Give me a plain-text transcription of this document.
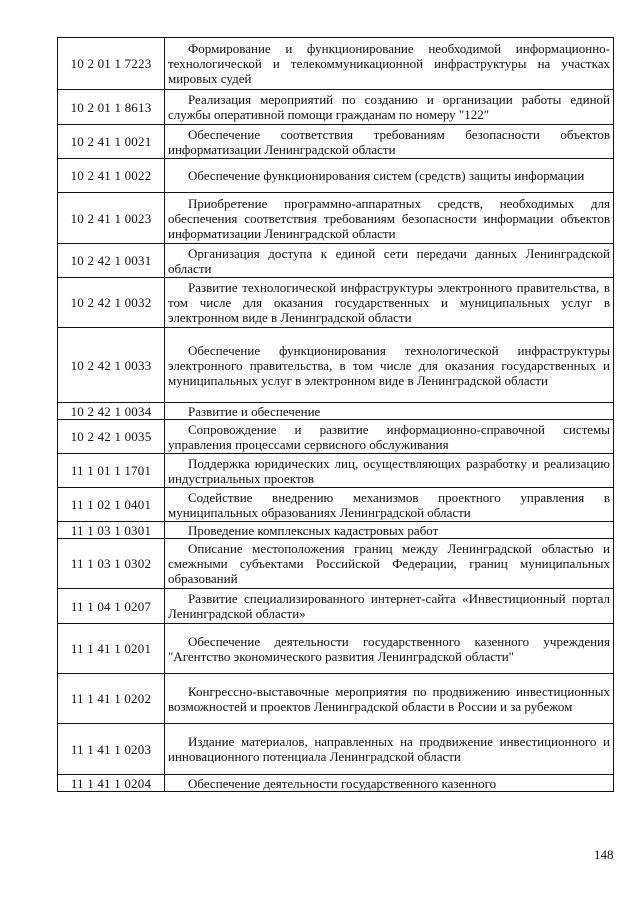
10 2 01 1 7223	Формирование и функционирование необходимой информационно-технологической и телекоммуникационной инфраструктуры на участках мировых судей
10 2 01 1 8613	Реализация мероприятий по созданию и организации работы единой службы оперативной помощи гражданам по номеру "122"
10 2 41 1 0021	Обеспечение соответствия требованиям безопасности объектов информатизации Ленинградской области
10 2 41 1 0022	Обеспечение функционирования систем (средств) защиты информации
10 2 41 1 0023	Приобретение программно-аппаратных средств, необходимых для обеспечения соответствия требованиям безопасности информации объектов информатизации Ленинградской области
10 2 42 1 0031	Организация доступа к единой сети передачи данных Ленинградской области
10 2 42 1 0032	Развитие технологической инфраструктуры электронного правительства, в том числе для оказания государственных и муниципальных услуг в электронном виде в Ленинградской области
10 2 42 1 0033	Обеспечение функционирования технологической инфраструктуры электронного правительства, в том числе для оказания государственных и муниципальных услуг в электронном виде в Ленинградской области
10 2 42 1 0034	Развитие и обеспечение
10 2 42 1 0035	Сопровождение и развитие информационно-справочной системы управления процессами сервисного обслуживания
11 1 01 1 1701	Поддержка юридических лиц, осуществляющих разработку и реализацию индустриальных проектов
11 1 02 1 0401	Содействие внедрению механизмов проектного управления в муниципальных образованиях Ленинградской области
11 1 03 1 0301	Проведение комплексных кадастровых работ
11 1 03 1 0302	Описание местоположения границ между Ленинградской областью и смежными субъектами Российской Федерации, границ муниципальных образований
11 1 04 1 0207	Развитие специализированного интернет-сайта «Инвестиционный портал Ленинградской области»
11 1 41 1 0201	Обеспечение деятельности государственного казенного учреждения "Агентство экономического развития Ленинградской области"
11 1 41 1 0202	Конгрессно-выставочные мероприятия по продвижению инвестиционных возможностей и проектов Ленинградской области в России и за рубежом
11 1 41 1 0203	Издание материалов, направленных на продвижение инвестиционного и инновационного потенциала Ленинградской области
11 1 41 1 0204	Обеспечение деятельности государственного казенного
148
